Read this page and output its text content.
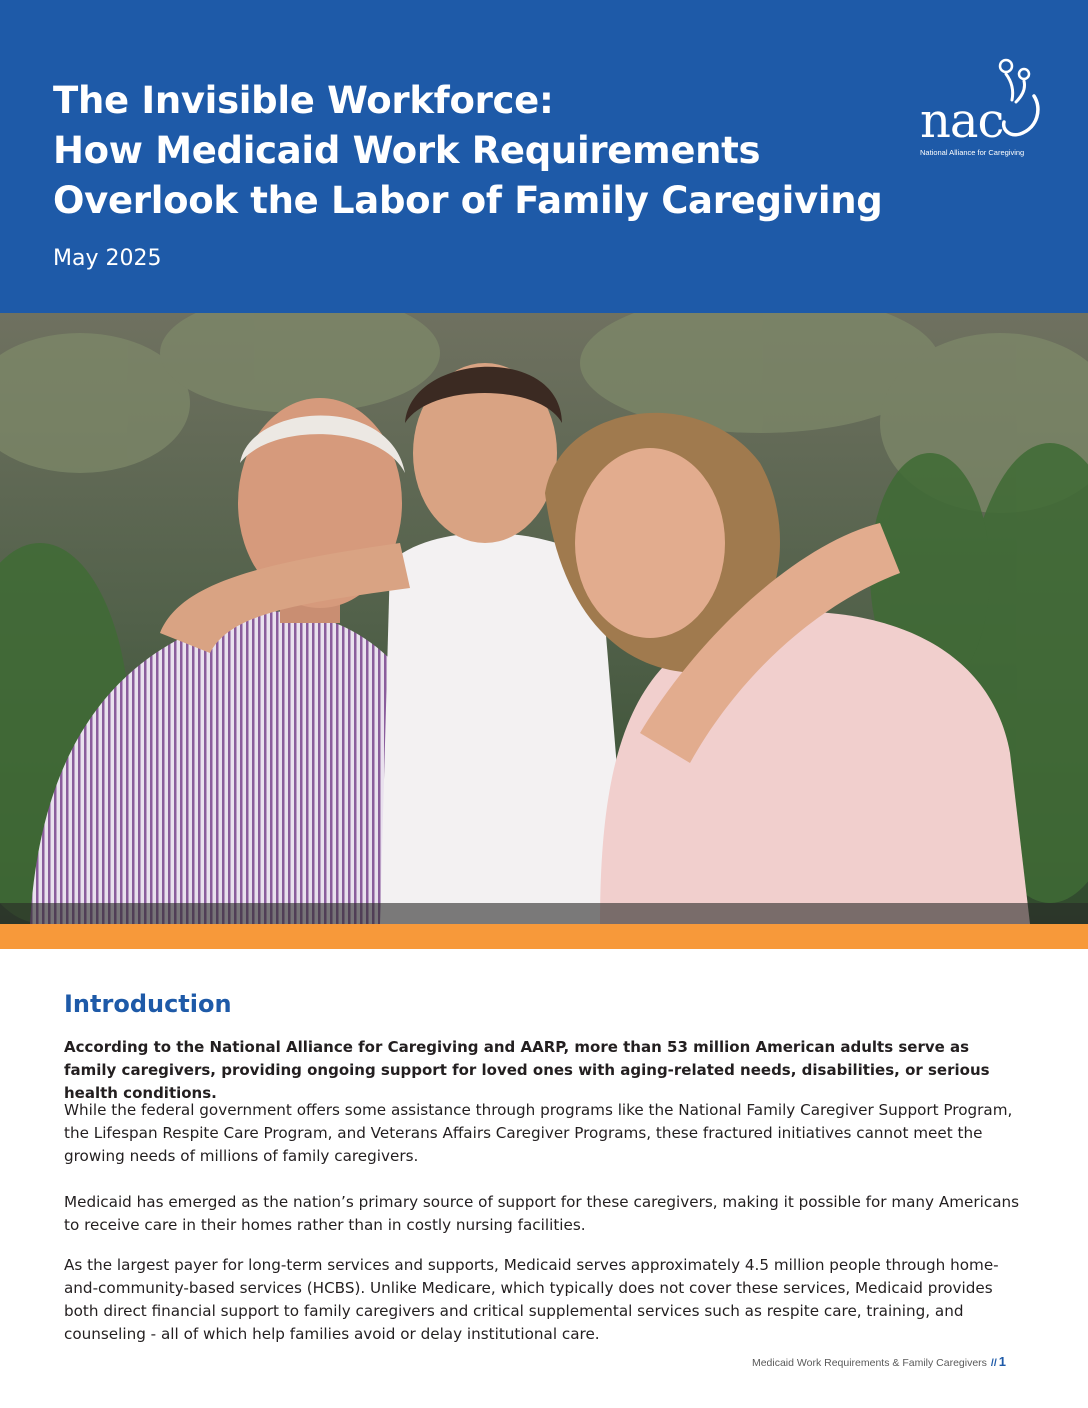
The Invisible Workforce:
How Medicaid Work Requirements
Overlook the Labor of Family Caregiving
May 2025
nac
National Alliance for Caregiving
Introduction

According to the National Alliance for Caregiving and AARP, more than 53 million American adults serve as family caregivers, providing ongoing support for loved ones with aging-related needs, disabilities, or serious health conditions.

While the federal government offers some assistance through programs like the National Family Caregiver Support Program, the Lifespan Respite Care Program, and Veterans Affairs Caregiver Programs, these fractured initiatives cannot meet the growing needs of millions of family caregivers.

Medicaid has emerged as the nation’s primary source of support for these caregivers, making it possible for many Americans to receive care in their homes rather than in costly nursing facilities.

As the largest payer for long-term services and supports, Medicaid serves approximately 4.5 million people through home-and-community-based services (HCBS). Unlike Medicare, which typically does not cover these services, Medicaid provides both direct financial support to family caregivers and critical supplemental services such as respite care, training, and counseling - all of which help families avoid or delay institutional care.

Medicaid Work Requirements & Family Caregivers // 1
